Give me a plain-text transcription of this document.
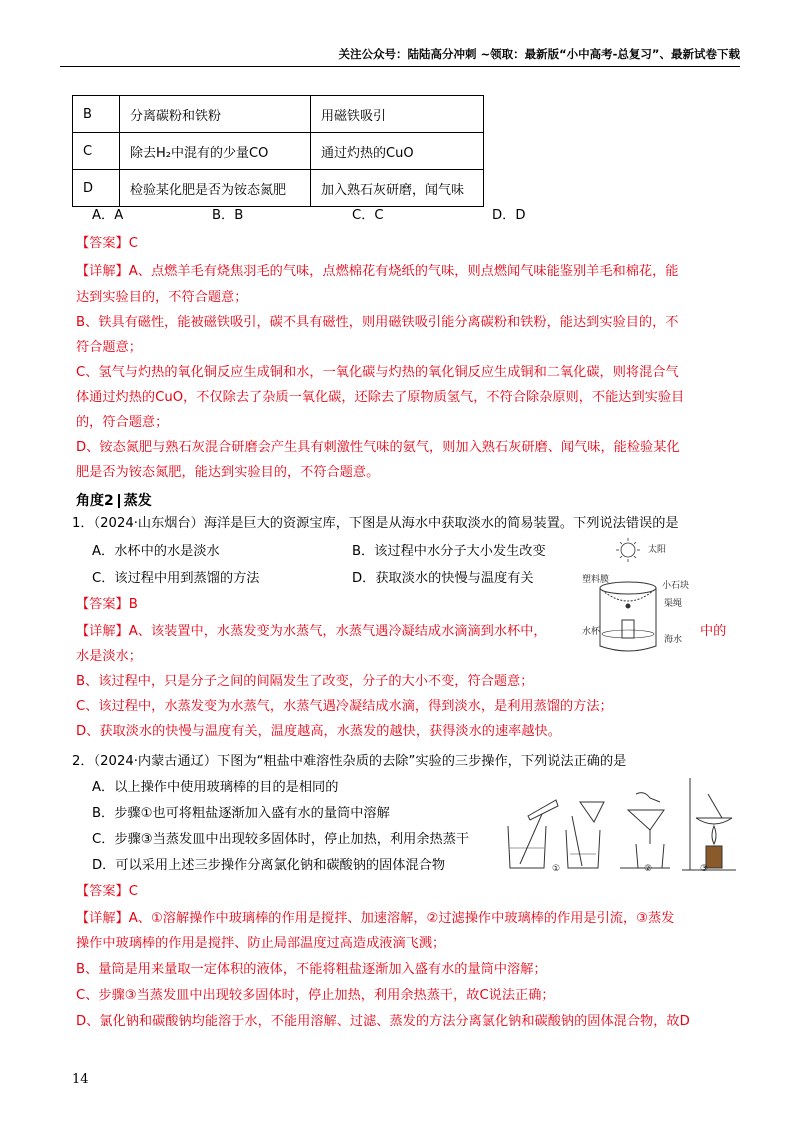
关注公众号：陆陆高分冲刺 ~领取：最新版“小中高考-总复习”、最新试卷下载
B	分离碳粉和铁粉	用磁铁吸引
C	除去H₂中混有的少量CO	通过灼热的CuO
D	检验某化肥是否为铵态氮肥	加入熟石灰研磨，闻气味
A．A	B．B	C．C	D．D
【答案】C
【详解】A、点燃羊毛有烧焦羽毛的气味，点燃棉花有烧纸的气味，则点燃闻气味能鉴别羊毛和棉花，能
达到实验目的，不符合题意；
B、铁具有磁性，能被磁铁吸引，碳不具有磁性，则用磁铁吸引能分离碳粉和铁粉，能达到实验目的，不
符合题意；
C、氢气与灼热的氧化铜反应生成铜和水，一氧化碳与灼热的氧化铜反应生成铜和二氧化碳，则将混合气
体通过灼热的CuO，不仅除去了杂质一氧化碳，还除去了原物质氢气，不符合除杂原则，不能达到实验目
的，符合题意；
D、铵态氮肥与熟石灰混合研磨会产生具有刺激性气味的氨气，则加入熟石灰研磨、闻气味，能检验某化
肥是否为铵态氮肥，能达到实验目的，不符合题意。
角度2 蒸发
1．（2024·山东烟台）海洋是巨大的资源宝库，下图是从海水中获取淡水的简易装置。下列说法错误的是
A．水杯中的水是淡水	B．该过程中水分子大小发生改变
C．该过程中用到蒸馏的方法	D．获取淡水的快慢与温度有关
【答案】B
【详解】A、该装置中，水蒸发变为水蒸气，水蒸气遇冷凝结成水滴滴到水杯中，	中的
水是淡水；
B、该过程中，只是分子之间的间隔发生了改变，分子的大小不变，符合题意；
C、该过程中，水蒸发变为水蒸气，水蒸气遇冷凝结成水滴，得到淡水，是利用蒸馏的方法；
D、获取淡水的快慢与温度有关，温度越高，水蒸发的越快，获得淡水的速率越快。
太阳
塑料膜
小石块
渠绳
水杯
海水
2．（2024·内蒙古通辽）下图为“粗盐中难溶性杂质的去除”实验的三步操作，下列说法正确的是
A．以上操作中使用玻璃棒的目的是相同的
B．步骤①也可将粗盐逐渐加入盛有水的量筒中溶解
C．步骤③当蒸发皿中出现较多固体时，停止加热，利用余热蒸干
D．可以采用上述三步操作分离氯化钠和碳酸钠的固体混合物
【答案】C
【详解】A、①溶解操作中玻璃棒的作用是搅拌、加速溶解，②过滤操作中玻璃棒的作用是引流，③蒸发
操作中玻璃棒的作用是搅拌、防止局部温度过高造成液滴飞溅；
B、量筒是用来量取一定体积的液体，不能将粗盐逐渐加入盛有水的量筒中溶解；
C、步骤③当蒸发皿中出现较多固体时，停止加热，利用余热蒸干，故C说法正确；
D、氯化钠和碳酸钠均能溶于水，不能用溶解、过滤、蒸发的方法分离氯化钠和碳酸钠的固体混合物，故D
①	②	③
14
